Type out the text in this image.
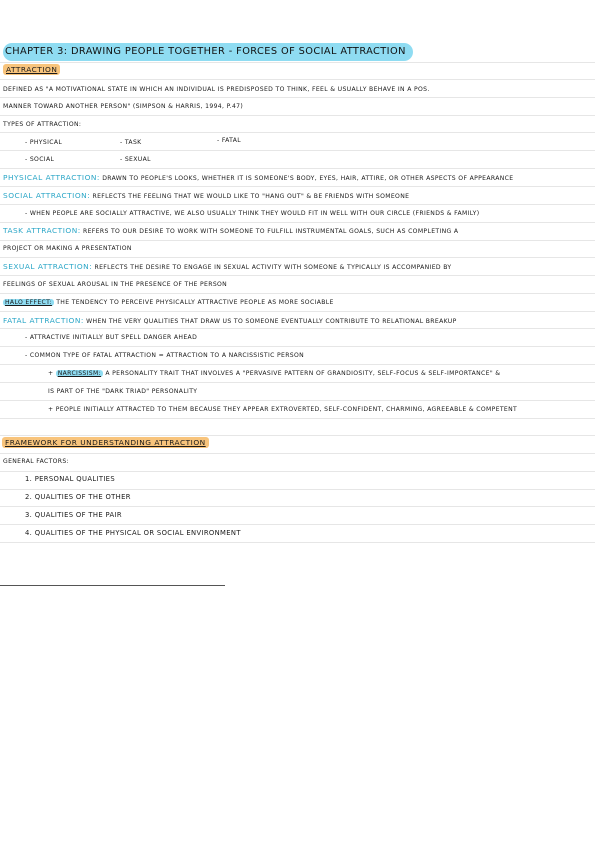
CHAPTER 3: DRAWING PEOPLE TOGETHER - FORCES OF SOCIAL ATTRACTION
ATTRACTION
DEFINED AS "A MOTIVATIONAL STATE IN WHICH AN INDIVIDUAL IS PREDISPOSED TO THINK, FEEL & USUALLY BEHAVE IN A POS.
MANNER TOWARD ANOTHER PERSON" (SIMPSON & HARRIS, 1994, P.47)
TYPES OF ATTRACTION:
- PHYSICAL	- TASK	- FATAL
- SOCIAL	- SEXUAL
PHYSICAL ATTRACTION: DRAWN TO PEOPLE'S LOOKS, WHETHER IT IS SOMEONE'S BODY, EYES, HAIR, ATTIRE, OR OTHER ASPECTS OF APPEARANCE
SOCIAL ATTRACTION: REFLECTS THE FEELING THAT WE WOULD LIKE TO "HANG OUT" & BE FRIENDS WITH SOMEONE
- WHEN PEOPLE ARE SOCIALLY ATTRACTIVE, WE ALSO USUALLY THINK THEY WOULD FIT IN WELL WITH OUR CIRCLE (FRIENDS & FAMILY)
TASK ATTRACTION: REFERS TO OUR DESIRE TO WORK WITH SOMEONE TO FULFILL INSTRUMENTAL GOALS, SUCH AS COMPLETING A
PROJECT OR MAKING A PRESENTATION
SEXUAL ATTRACTION: REFLECTS THE DESIRE TO ENGAGE IN SEXUAL ACTIVITY WITH SOMEONE & TYPICALLY IS ACCOMPANIED BY
FEELINGS OF SEXUAL AROUSAL IN THE PRESENCE OF THE PERSON
HALO EFFECT: THE TENDENCY TO PERCEIVE PHYSICALLY ATTRACTIVE PEOPLE AS MORE SOCIABLE
FATAL ATTRACTION: WHEN THE VERY QUALITIES THAT DRAW US TO SOMEONE EVENTUALLY CONTRIBUTE TO RELATIONAL BREAKUP
- ATTRACTIVE INITIALLY BUT SPELL DANGER AHEAD
- COMMON TYPE OF FATAL ATTRACTION = ATTRACTION TO A NARCISSISTIC PERSON
+ NARCISSISM: A PERSONALITY TRAIT THAT INVOLVES A "PERVASIVE PATTERN OF GRANDIOSITY, SELF-FOCUS & SELF-IMPORTANCE" &
IS PART OF THE "DARK TRIAD" PERSONALITY
+ PEOPLE INITIALLY ATTRACTED TO THEM BECAUSE THEY APPEAR EXTROVERTED, SELF-CONFIDENT, CHARMING, AGREEABLE & COMPETENT
FRAMEWORK FOR UNDERSTANDING ATTRACTION
GENERAL FACTORS:
1. PERSONAL QUALITIES
2. QUALITIES OF THE OTHER
3. QUALITIES OF THE PAIR
4. QUALITIES OF THE PHYSICAL OR SOCIAL ENVIRONMENT
